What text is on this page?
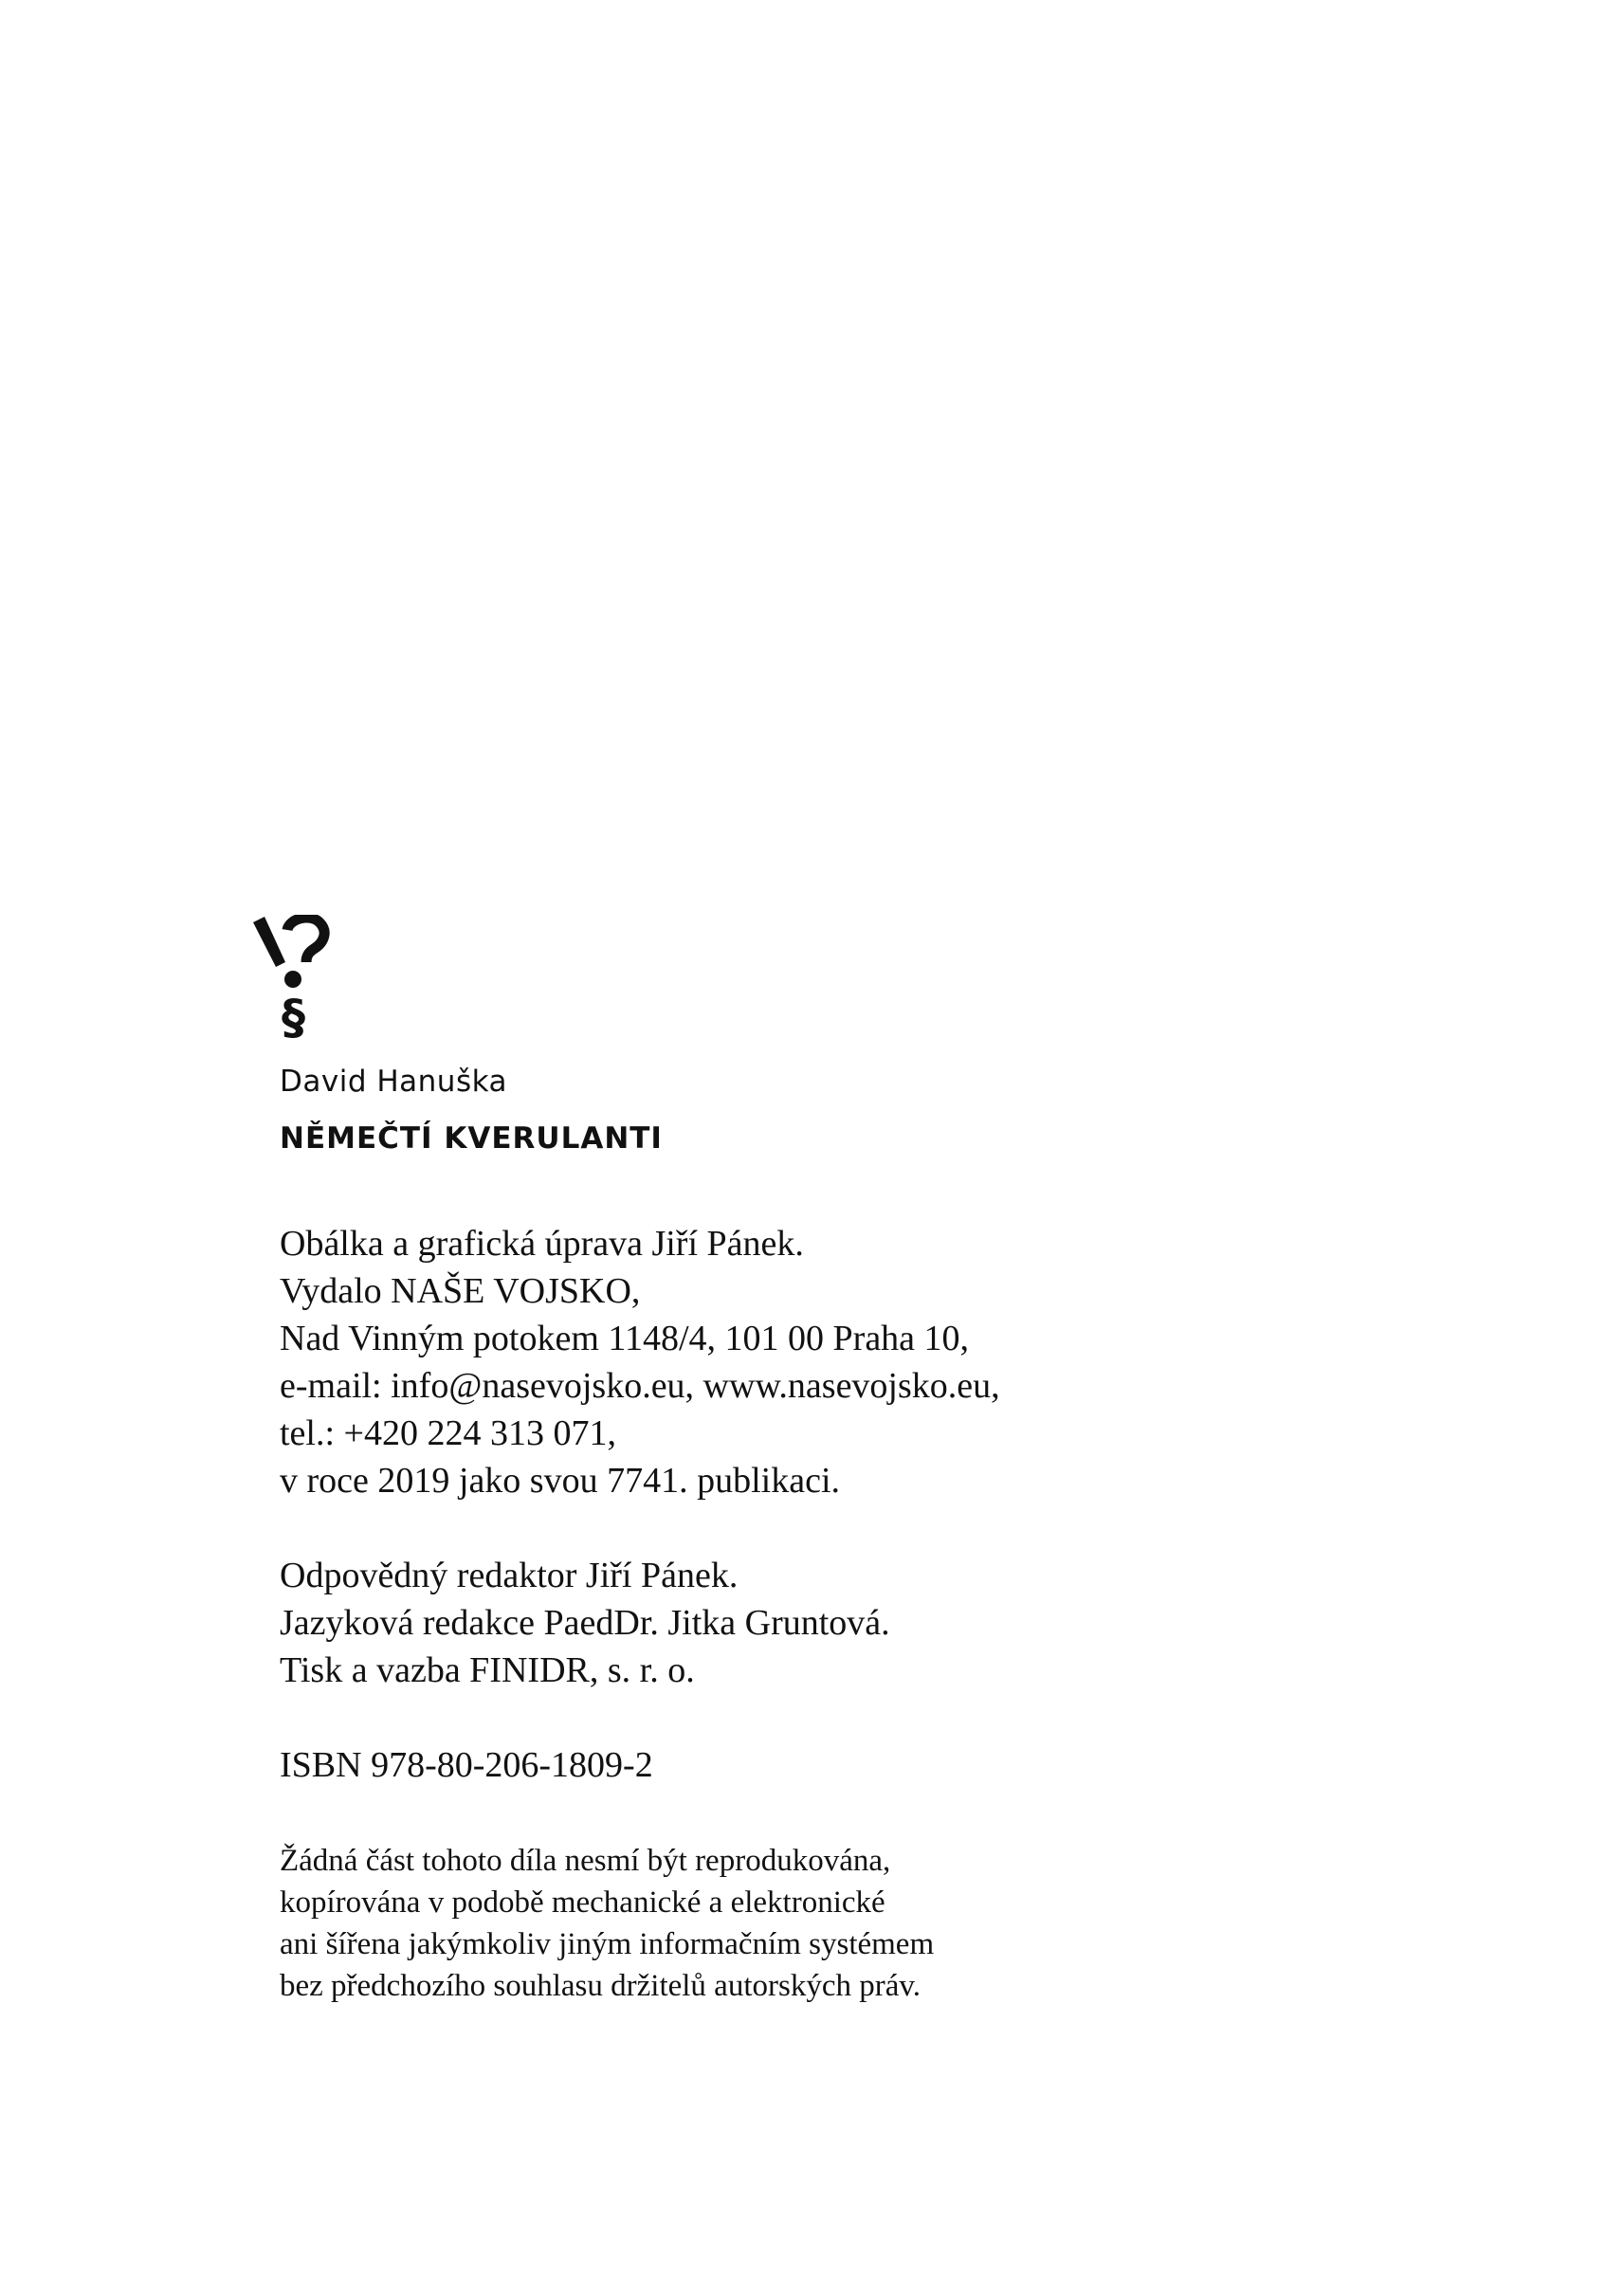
§
David Hanuška
NĚMEČTÍ KVERULANTI
Obálka a grafická úprava Jiří Pánek.
Vydalo NAŠE VOJSKO,
Nad Vinným potokem 1148/4, 101 00 Praha 10,
e-mail: info@nasevojsko.eu, www.nasevojsko.eu,
tel.: +420 224 313 071,
v roce 2019 jako svou 7741. publikaci.
Odpovědný redaktor Jiří Pánek.
Jazyková redakce PaedDr. Jitka Gruntová.
Tisk a vazba FINIDR, s. r. o.
ISBN 978-80-206-1809-2
Žádná část tohoto díla nesmí být reprodukována,
kopírována v podobě mechanické a elektronické
ani šířena jakýmkoliv jiným informačním systémem
bez předchozího souhlasu držitelů autorských práv.
